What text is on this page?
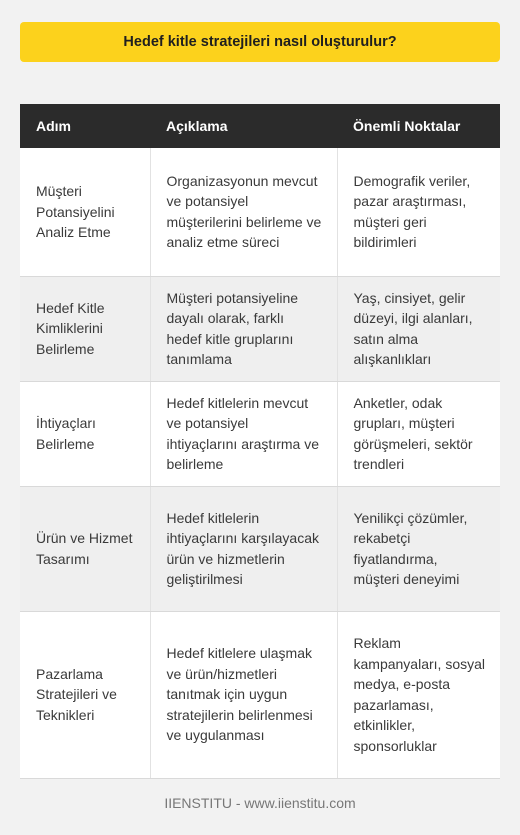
Hedef kitle stratejileri nasıl oluşturulur?
Adım	Açıklama	Önemli Noktalar
Müşteri Potansiyelini Analiz Etme	Organizasyonun mevcut ve potansiyel müşterilerini belirleme ve analiz etme süreci	Demografik veriler, pazar araştırması, müşteri geri bildirimleri
Hedef Kitle Kimliklerini Belirleme	Müşteri potansiyeline dayalı olarak, farklı hedef kitle gruplarını tanımlama	Yaş, cinsiyet, gelir düzeyi, ilgi alanları, satın alma alışkanlıkları
İhtiyaçları Belirleme	Hedef kitlelerin mevcut ve potansiyel ihtiyaçlarını araştırma ve belirleme	Anketler, odak grupları, müşteri görüşmeleri, sektör trendleri
Ürün ve Hizmet Tasarımı	Hedef kitlelerin ihtiyaçlarını karşılayacak ürün ve hizmetlerin geliştirilmesi	Yenilikçi çözümler, rekabetçi fiyatlandırma, müşteri deneyimi
Pazarlama Stratejileri ve Teknikleri	Hedef kitlelere ulaşmak ve ürün/hizmetleri tanıtmak için uygun stratejilerin belirlenmesi ve uygulanması	Reklam kampanyaları, sosyal medya, e-posta pazarlaması, etkinlikler, sponsorluklar
IIENSTITU - www.iienstitu.com
